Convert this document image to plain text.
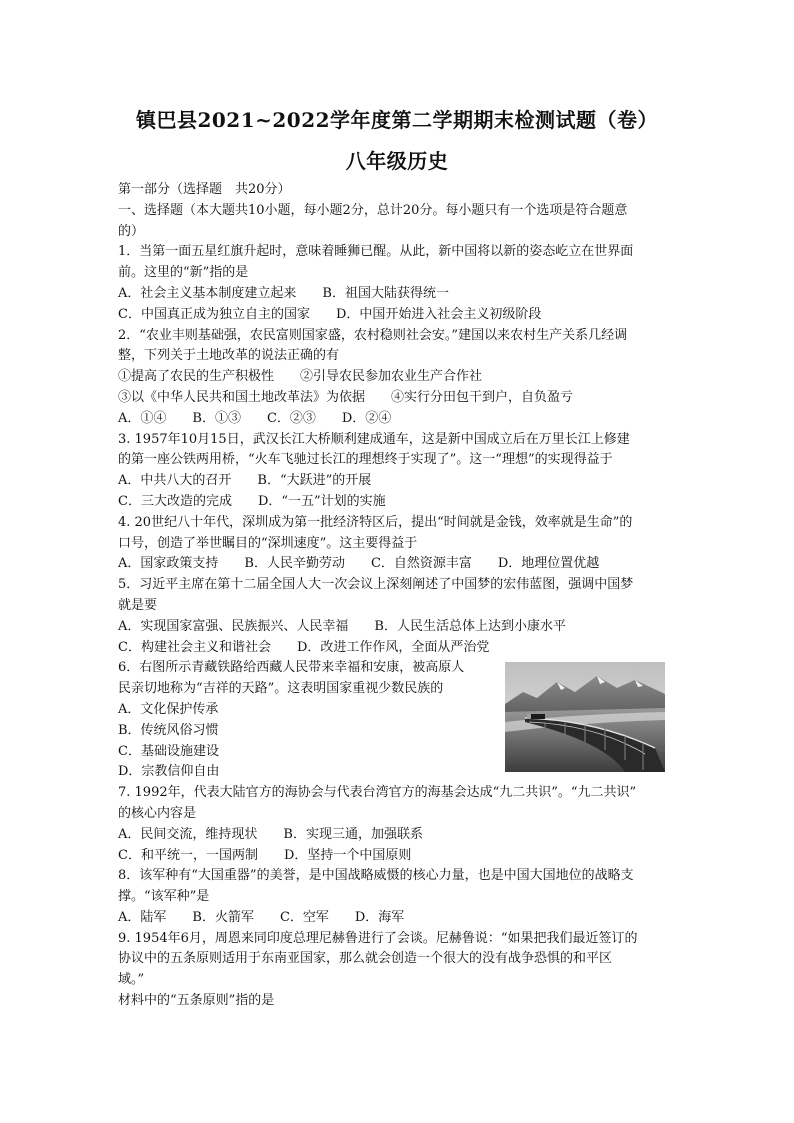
镇巴县2021~2022学年度第二学期期末检测试题（卷）
八年级历史
第一部分（选择题　共20分）
一、选择题（本大题共10小题，每小题2分，总计20分。每小题只有一个选项是符合题意
的）
1．当第一面五星红旗升起时，意味着睡狮已醒。从此，新中国将以新的姿态屹立在世界面
前。这里的“新”指的是
A．社会主义基本制度建立起来　　B．祖国大陆获得统一
C．中国真正成为独立自主的国家　　D．中国开始进入社会主义初级阶段
2．“农业丰则基础强，农民富则国家盛，农村稳则社会安。”建国以来农村生产关系几经调
整，下列关于土地改革的说法正确的有
①提高了农民的生产积极性　　②引导农民参加农业生产合作社
③以《中华人民共和国土地改革法》为依据　　④实行分田包干到户，自负盈亏
A．①④　　B．①③　　C．②③　　D．②④
3. 1957年10月15日，武汉长江大桥顺利建成通车，这是新中国成立后在万里长江上修建
的第一座公铁两用桥，“火车飞驰过长江的理想终于实现了”。这一“理想”的实现得益于
A．中共八大的召开　　B．“大跃进”的开展
C．三大改造的完成　　D．“一五”计划的实施
4. 20世纪八十年代，深圳成为第一批经济特区后，提出“时间就是金钱，效率就是生命”的
口号，创造了举世瞩目的“深圳速度”。这主要得益于
A．国家政策支持　　B．人民辛勤劳动　　C．自然资源丰富　　D．地理位置优越
5．习近平主席在第十二届全国人大一次会议上深刻阐述了中国梦的宏伟蓝图，强调中国梦
就是要
A．实现国家富强、民族振兴、人民幸福　　B．人民生活总体上达到小康水平
C．构建社会主义和谐社会　　D．改进工作作风，全面从严治党
6．右图所示青藏铁路给西藏人民带来幸福和安康，被高原人
民亲切地称为“吉祥的天路”。这表明国家重视少数民族的
A．文化保护传承
B．传统风俗习惯
C．基础设施建设
D．宗教信仰自由
7. 1992年，代表大陆官方的海协会与代表台湾官方的海基会达成“九二共识”。“九二共识”
的核心内容是
A．民间交流，维持现状　　B．实现三通，加强联系
C．和平统一，一国两制　　D．坚持一个中国原则
8．该军种有“大国重器”的美誉，是中国战略威慑的核心力量，也是中国大国地位的战略支
撑。“该军种”是
A．陆军　　B．火箭军　　C．空军　　D．海军
9. 1954年6月，周恩来同印度总理尼赫鲁进行了会谈。尼赫鲁说：“如果把我们最近签订的
协议中的五条原则适用于东南亚国家，那么就会创造一个很大的没有战争恐惧的和平区
域。”
材料中的“五条原则”指的是
